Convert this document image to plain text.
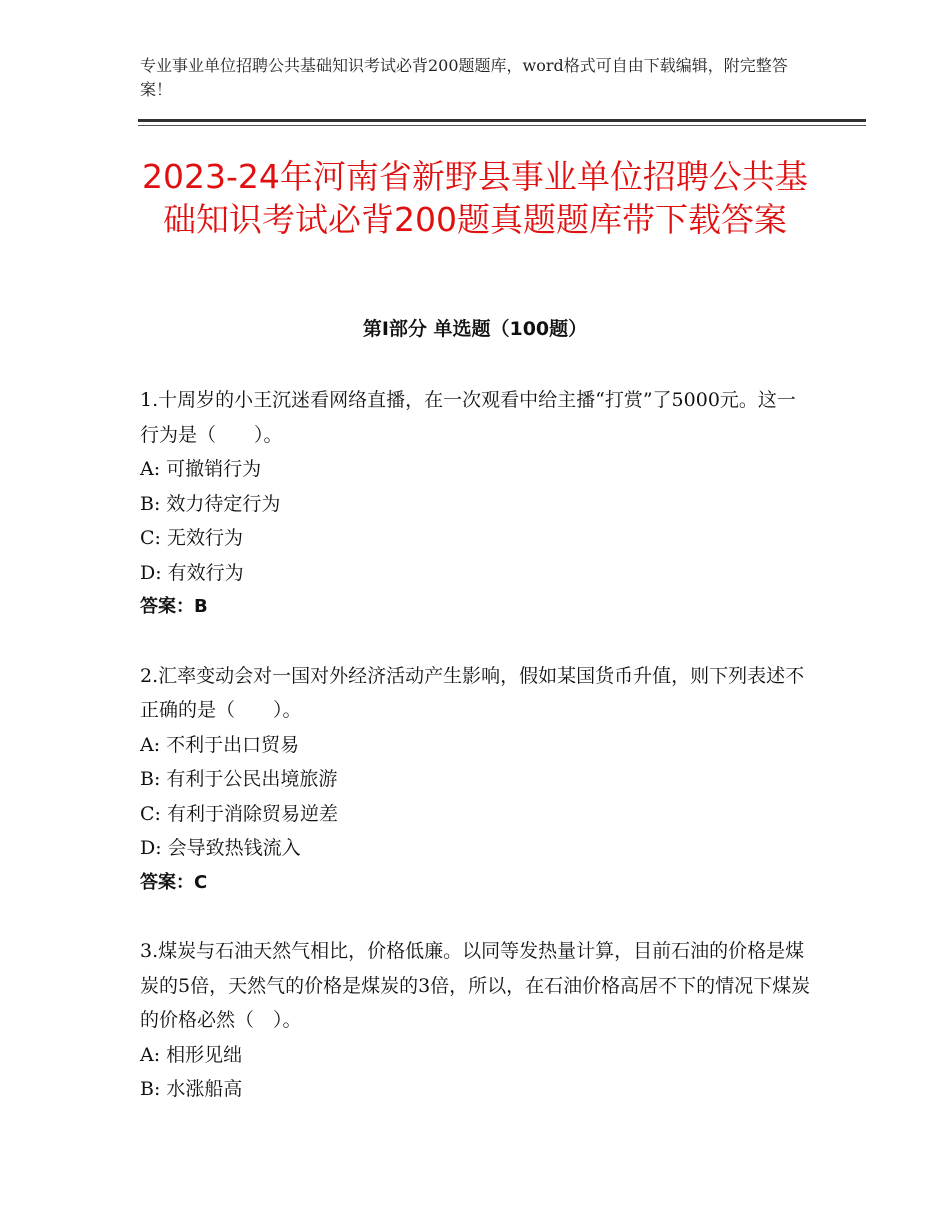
专业事业单位招聘公共基础知识考试必背200题题库，word格式可自由下载编辑，附完整答案！
2023-24年河南省新野县事业单位招聘公共基础知识考试必背200题真题题库带下载答案
第Ⅰ部分 单选题（100题）

1.十周岁的小王沉迷看网络直播，在一次观看中给主播“打赏”了5000元。这一行为是（　　）。

A: 可撤销行为

B: 效力待定行为

C: 无效行为

D: 有效行为

答案：B

2.汇率变动会对一国对外经济活动产生影响，假如某国货币升值，则下列表述不正确的是（　　）。

A: 不利于出口贸易

B: 有利于公民出境旅游

C: 有利于消除贸易逆差

D: 会导致热钱流入

答案：C

3.煤炭与石油天然气相比，价格低廉。以同等发热量计算，目前石油的价格是煤炭的5倍，天然气的价格是煤炭的3倍，所以，在石油价格高居不下的情况下煤炭的价格必然（　）。

A: 相形见绌

B: 水涨船高
